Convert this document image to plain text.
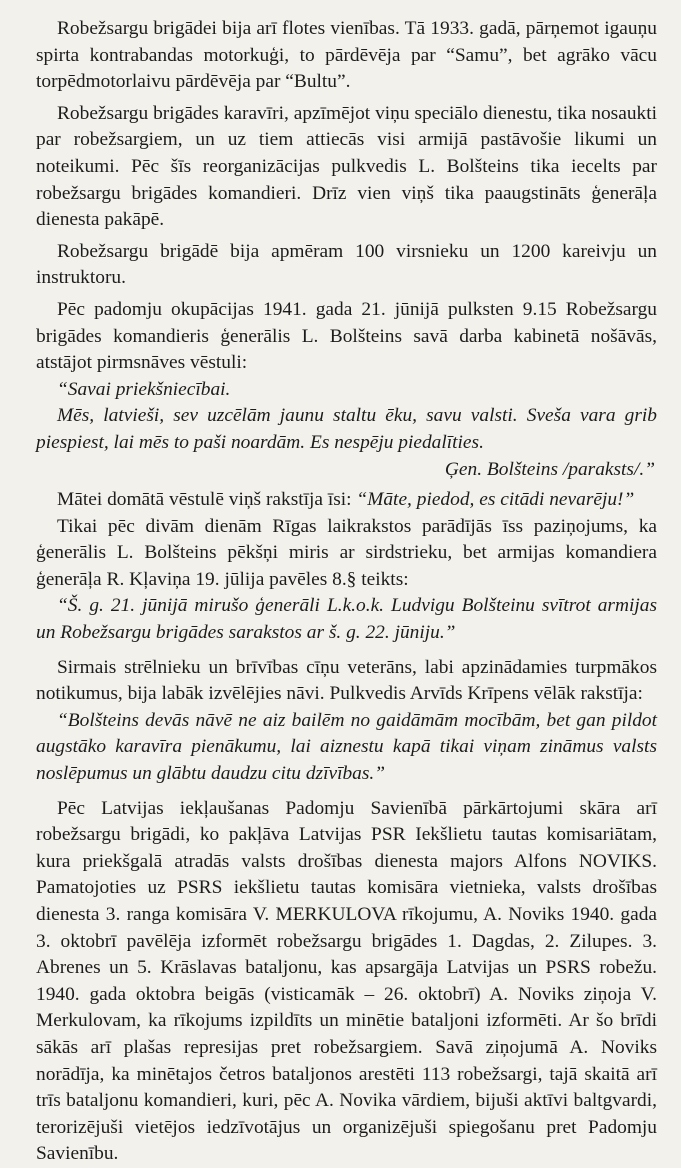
Robežsargu brigādei bija arī flotes vienības. Tā 1933. gadā, pārņemot igauņu spirta kontrabandas motorkuģi, to pārdēvēja par “Samu”, bet agrāko vācu torpēdmotorlaivu pārdēvēja par “Bultu”.

Robežsargu brigādes karavīri, apzīmējot viņu speciālo dienestu, tika nosaukti par robežsargiem, un uz tiem attiecās visi armijā pastāvošie likumi un noteikumi. Pēc šīs reorganizācijas pulkvedis L. Bolšteins tika iecelts par robežsargu brigādes komandieri. Drīz vien viņš tika paaugstināts ģenerāļa dienesta pakāpē.

Robežsargu brigādē bija apmēram 100 virsnieku un 1200 kareivju un instruktoru.

Pēc padomju okupācijas 1941. gada 21. jūnijā pulksten 9.15 Robežsargu brigādes komandieris ģenerālis L. Bolšteins savā darba kabinetā nošāvās, atstājot pirmsnāves vēstuli:

“Savai priekšniecībai.

Mēs, latvieši, sev uzcēlām jaunu staltu ēku, savu valsti. Sveša vara grib piespiest, lai mēs to paši noardām. Es nespēju piedalīties.

Ģen. Bolšteins /paraksts/.”

Mātei domātā vēstulē viņš rakstīja īsi: “Māte, piedod, es citādi nevarēju!”

Tikai pēc divām dienām Rīgas laikrakstos parādījās īss paziņojums, ka ģenerālis L. Bolšteins pēkšņi miris ar sirdstrieku, bet armijas komandiera ģenerāļa R. Kļaviņa 19. jūlija pavēles 8.§ teikts:

“Š. g. 21. jūnijā mirušo ģenerāli L.k.o.k. Ludvigu Bolšteinu svītrot armijas un Robežsargu brigādes sarakstos ar š. g. 22. jūniju.”

Sirmais strēlnieku un brīvības cīņu veterāns, labi apzinādamies turpmākos notikumus, bija labāk izvēlējies nāvi. Pulkvedis Arvīds Krīpens vēlāk rakstīja:

“Bolšteins devās nāvē ne aiz bailēm no gaidāmām mocībām, bet gan pildot augstāko karavīra pienākumu, lai aiznestu kapā tikai viņam zināmus valsts noslēpumus un glābtu daudzu citu dzīvības.”

Pēc Latvijas iekļaušanas Padomju Savienībā pārkārtojumi skāra arī robežsargu brigādi, ko pakļāva Latvijas PSR Iekšlietu tautas komisariātam, kura priekšgalā atradās valsts drošības dienesta majors Alfons NOVIKS. Pamatojoties uz PSRS iekšlietu tautas komisāra vietnieka, valsts drošības dienesta 3. ranga komisāra V. MERKULOVA rīkojumu, A. Noviks 1940. gada 3. oktobrī pavēlēja izformēt robežsargu brigādes 1. Dagdas, 2. Zilupes. 3. Abrenes un 5. Krāslavas bataljonu, kas apsargāja Latvijas un PSRS robežu. 1940. gada oktobra beigās (visticamāk – 26. oktobrī) A. Noviks ziņoja V. Merkulovam, ka rīkojums izpildīts un minētie bataljoni izformēti. Ar šo brīdi sākās arī plašas represijas pret robežsargiem. Savā ziņojumā A. Noviks norādīja, ka minētajos četros bataljonos arestēti 113 robežsargi, tajā skaitā arī trīs bataljonu komandieri, kuri, pēc A. Novika vārdiem, bijuši aktīvi baltgvardi, terorizējuši vietējos iedzīvotājus un organizējuši spiegošanu pret Padomju Savienību.
